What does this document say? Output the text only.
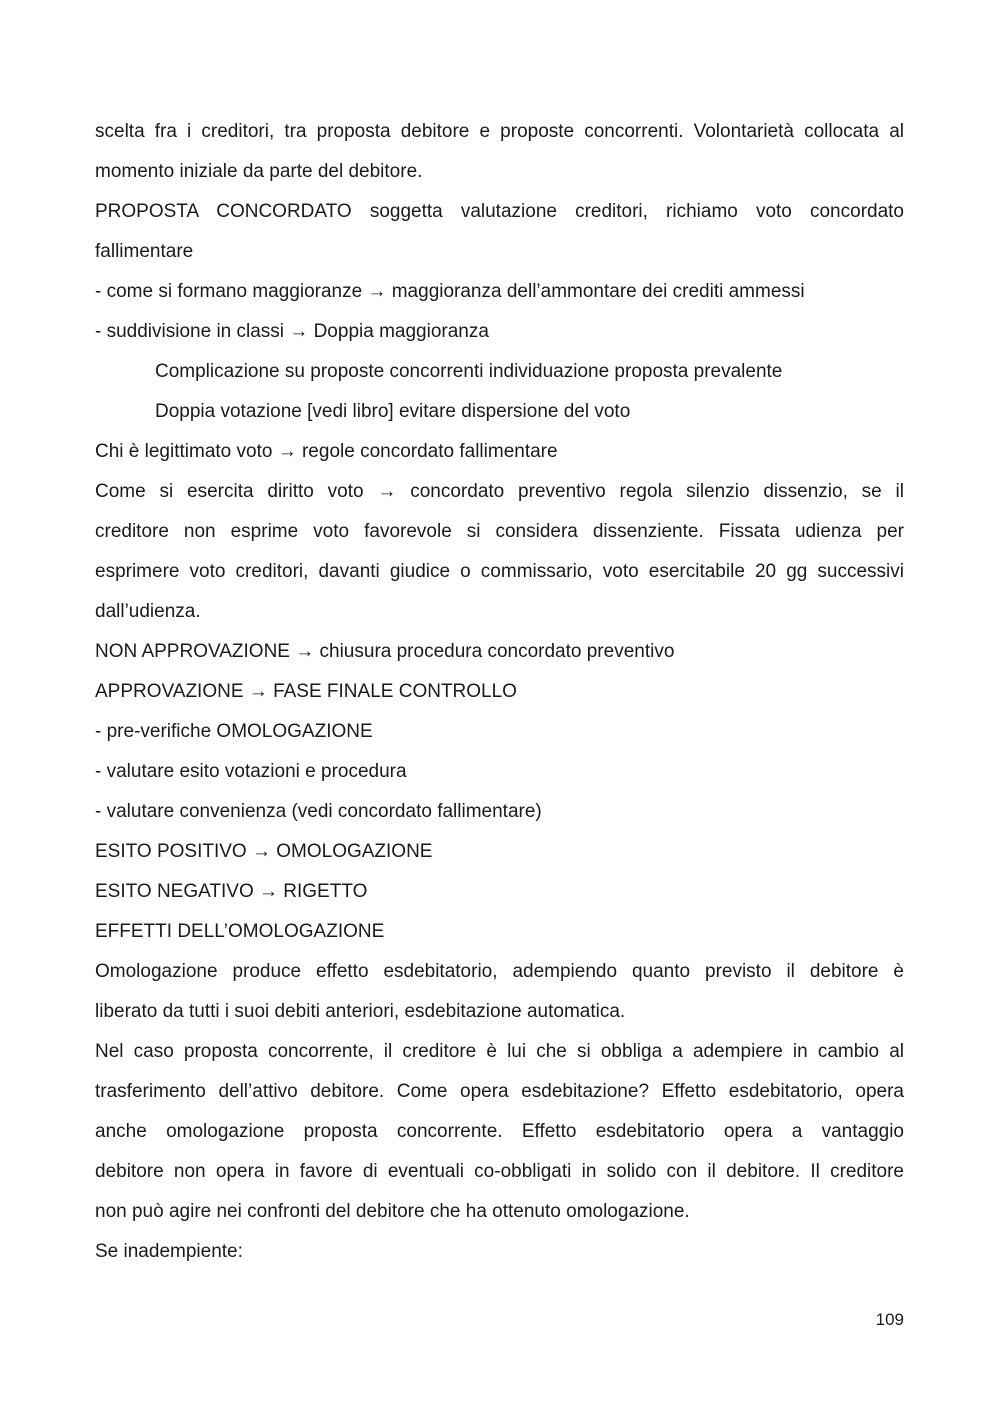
scelta fra i creditori, tra proposta debitore e proposte concorrenti. Volontarietà collocata al
momento iniziale da parte del debitore.
PROPOSTA CONCORDATO soggetta valutazione creditori, richiamo voto concordato
fallimentare
- come si formano maggioranze → maggioranza dell’ammontare dei crediti ammessi
- suddivisione in classi → Doppia maggioranza
Complicazione su proposte concorrenti individuazione proposta prevalente
Doppia votazione [vedi libro] evitare dispersione del voto
Chi è legittimato voto → regole concordato fallimentare
Come si esercita diritto voto → concordato preventivo regola silenzio dissenzio, se il
creditore non esprime voto favorevole si considera dissenziente. Fissata udienza per
esprimere voto creditori, davanti giudice o commissario, voto esercitabile 20 gg successivi
dall’udienza.
NON APPROVAZIONE → chiusura procedura concordato preventivo
APPROVAZIONE → FASE FINALE CONTROLLO
- pre-verifiche OMOLOGAZIONE
- valutare esito votazioni e procedura
- valutare convenienza (vedi concordato fallimentare)
ESITO POSITIVO → OMOLOGAZIONE
ESITO NEGATIVO → RIGETTO
EFFETTI DELL’OMOLOGAZIONE
Omologazione produce effetto esdebitatorio, adempiendo quanto previsto il debitore è
liberato da tutti i suoi debiti anteriori, esdebitazione automatica.
Nel caso proposta concorrente, il creditore è lui che si obbliga a adempiere in cambio al
trasferimento dell’attivo debitore. Come opera esdebitazione? Effetto esdebitatorio, opera
anche omologazione proposta concorrente. Effetto esdebitatorio opera a vantaggio
debitore non opera in favore di eventuali co-obbligati in solido con il debitore. Il creditore
non può agire nei confronti del debitore che ha ottenuto omologazione.
Se inadempiente:
109
